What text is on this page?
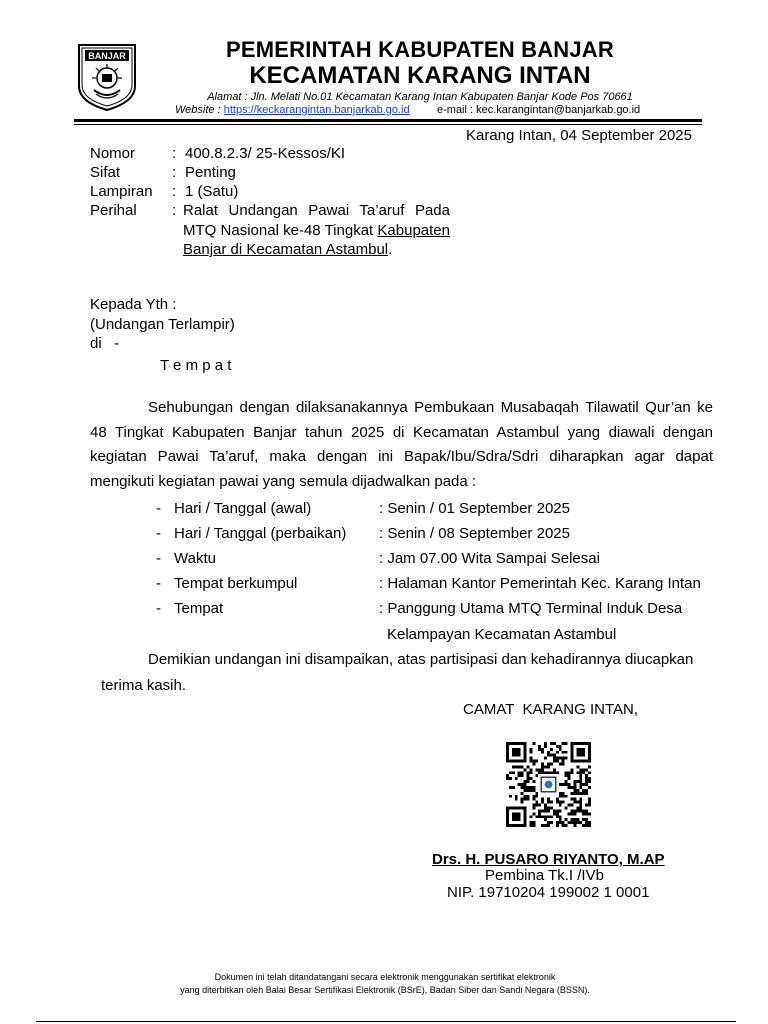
BANJAR	PEMERINTAH KABUPATEN BANJAR
KECAMATAN KARANG INTAN
Alamat : Jln. Melati No.01 Kecamatan Karang Intan Kabupaten Banjar Kode Pos 70661
Website : https://keckarangintan.banjarkab.go.id e-mail : kec.karangintan@banjarkab.go.id
Karang Intan, 04 September 2025
Nomor : 400.8.2.3/ 25-Kessos/KI
Sifat	: Penting
Lampiran : 1 (Satu)
Perihal : Ralat Undangan Pawai Ta’aruf Pada MTQ Nasional ke-48 Tingkat Kabupaten Banjar di Kecamatan Astambul.
Kepada Yth :
(Undangan Terlampir)
di   -
T e m p a t
Sehubungan dengan dilaksanakannya Pembukaan Musabaqah Tilawatil Qur’an ke 48 Tingkat Kabupaten Banjar tahun 2025 di Kecamatan Astambul yang diawali dengan kegiatan Pawai Ta’aruf, maka dengan ini Bapak/Ibu/Sdra/Sdri diharapkan agar dapat mengikuti kegiatan pawai yang semula dijadwalkan pada :
- Hari / Tanggal (awal)	: Senin / 01 September 2025
- Hari / Tanggal (perbaikan) : Senin / 08 September 2025
- Waktu	: Jam 07.00 Wita Sampai Selesai
- Tempat berkumpul	: Halaman Kantor Pemerintah Kec. Karang Intan
- Tempat	: Panggung Utama MTQ Terminal Induk Desa
Kelampayan Kecamatan Astambul
Demikian undangan ini disampaikan, atas partisipasi dan kehadirannya diucapkan
terima kasih.
CAMAT  KARANG INTAN,
Drs. H. PUSARO RIYANTO, M.AP
Pembina Tk.I /IVb
NIP. 19710204 199002 1 0001
Dokumen ini telah ditandatangani secara elektronik menggunakan sertifikat elektronik
yang diterbitkan oleh Balai Besar Sertifikasi Elektronik (BSrE), Badan Siber dan Sandi Negara (BSSN).
